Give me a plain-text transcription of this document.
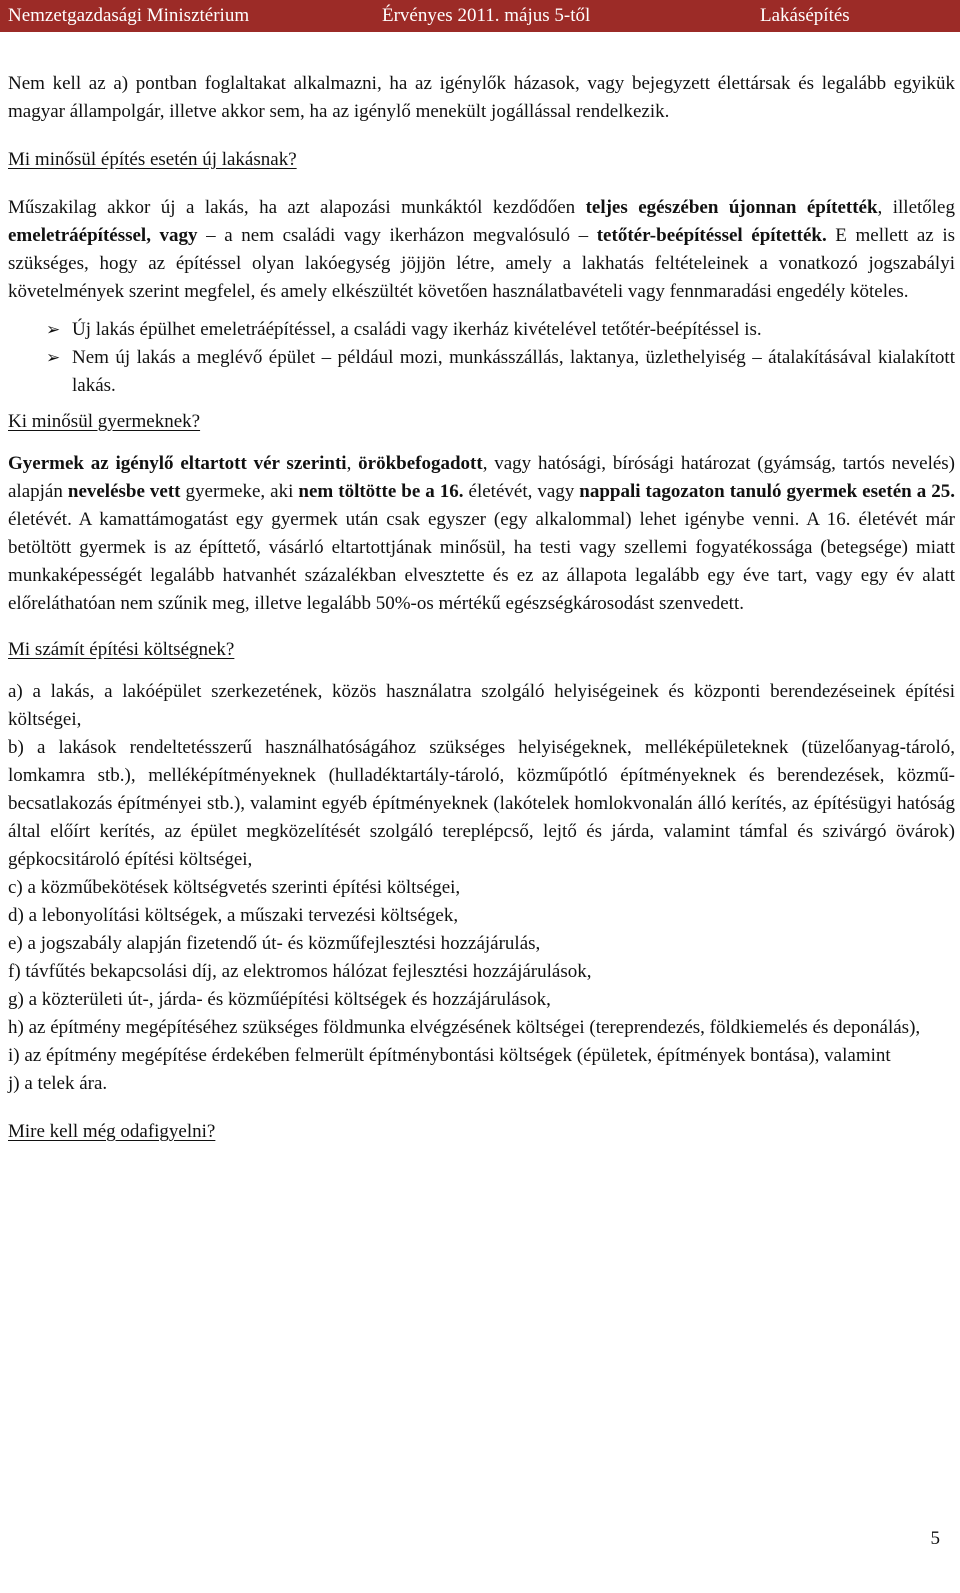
Nemzetgazdasági Minisztérium	Érvényes 2011. május 5-től	Lakásépítés

Nem kell az a) pontban foglaltakat alkalmazni, ha az igénylők házasok, vagy bejegyzett élettársak és legalább egyikük magyar állampolgár, illetve akkor sem, ha az igénylő menekült jogállással rendelkezik.

Mi minősül építés esetén új lakásnak?

Műszakilag akkor új a lakás, ha azt alapozási munkáktól kezdődően teljes egészében újonnan építették, illetőleg emeletráépítéssel, vagy – a nem családi vagy ikerházon megvalósuló – tetőtér-beépítéssel építették. E mellett az is szükséges, hogy az építéssel olyan lakóegység jöjjön létre, amely a lakhatás feltételeinek a vonatkozó jogszabályi követelmények szerint megfelel, és amely elkészültét követően használatbavételi vagy fennmaradási engedély köteles.

➢ Új lakás épülhet emeletráépítéssel, a családi vagy ikerház kivételével tetőtér-beépítéssel is.
➢ Nem új lakás a meglévő épület – például mozi, munkásszállás, laktanya, üzlethelyiség – átalakításával kialakított lakás.

Ki minősül gyermeknek?

Gyermek az igénylő eltartott vér szerinti, örökbefogadott, vagy hatósági, bírósági határozat (gyámság, tartós nevelés) alapján nevelésbe vett gyermeke, aki nem töltötte be a 16. életévét, vagy nappali tagozaton tanuló gyermek esetén a 25. életévét. A kamattámogatást egy gyermek után csak egyszer (egy alkalommal) lehet igénybe venni. A 16. életévét már betöltött gyermek is az építtető, vásárló eltartottjának minősül, ha testi vagy szellemi fogyatékossága (betegsége) miatt munkaképességét legalább hatvanhét százalékban elvesztette és ez az állapota legalább egy éve tart, vagy egy év alatt előreláthatóan nem szűnik meg, illetve legalább 50%-os mértékű egészségkárosodást szenvedett.

Mi számít építési költségnek?

a) a lakás, a lakóépület szerkezetének, közös használatra szolgáló helyiségeinek és központi berendezéseinek építési költségei,

b) a lakások rendeltetésszerű használhatóságához szükséges helyiségeknek, melléképületeknek (tüzelőanyag-tároló, lomkamra stb.), melléképítményeknek (hulladéktartály-tároló, közműpótló építményeknek és berendezések, közmű-becsatlakozás építményei stb.), valamint egyéb építményeknek (lakótelek homlokvonalán álló kerítés, az építésügyi hatóság által előírt kerítés, az épület megközelítését szolgáló tereplépcső, lejtő és járda, valamint támfal és szivárgó övárok) gépkocsitároló építési költségei,

c) a közműbekötések költségvetés szerinti építési költségei,

d) a lebonyolítási költségek, a műszaki tervezési költségek,

e) a jogszabály alapján fizetendő út- és közműfejlesztési hozzájárulás,

f) távfűtés bekapcsolási díj, az elektromos hálózat fejlesztési hozzájárulások,

g) a közterületi út-, járda- és közműépítési költségek és hozzájárulások,

h) az építmény megépítéséhez szükséges földmunka elvégzésének költségei (tereprendezés, földkiemelés és deponálás),

i) az építmény megépítése érdekében felmerült építménybontási költségek (épületek, építmények bontása), valamint

j) a telek ára.

Mire kell még odafigyelni?

5
